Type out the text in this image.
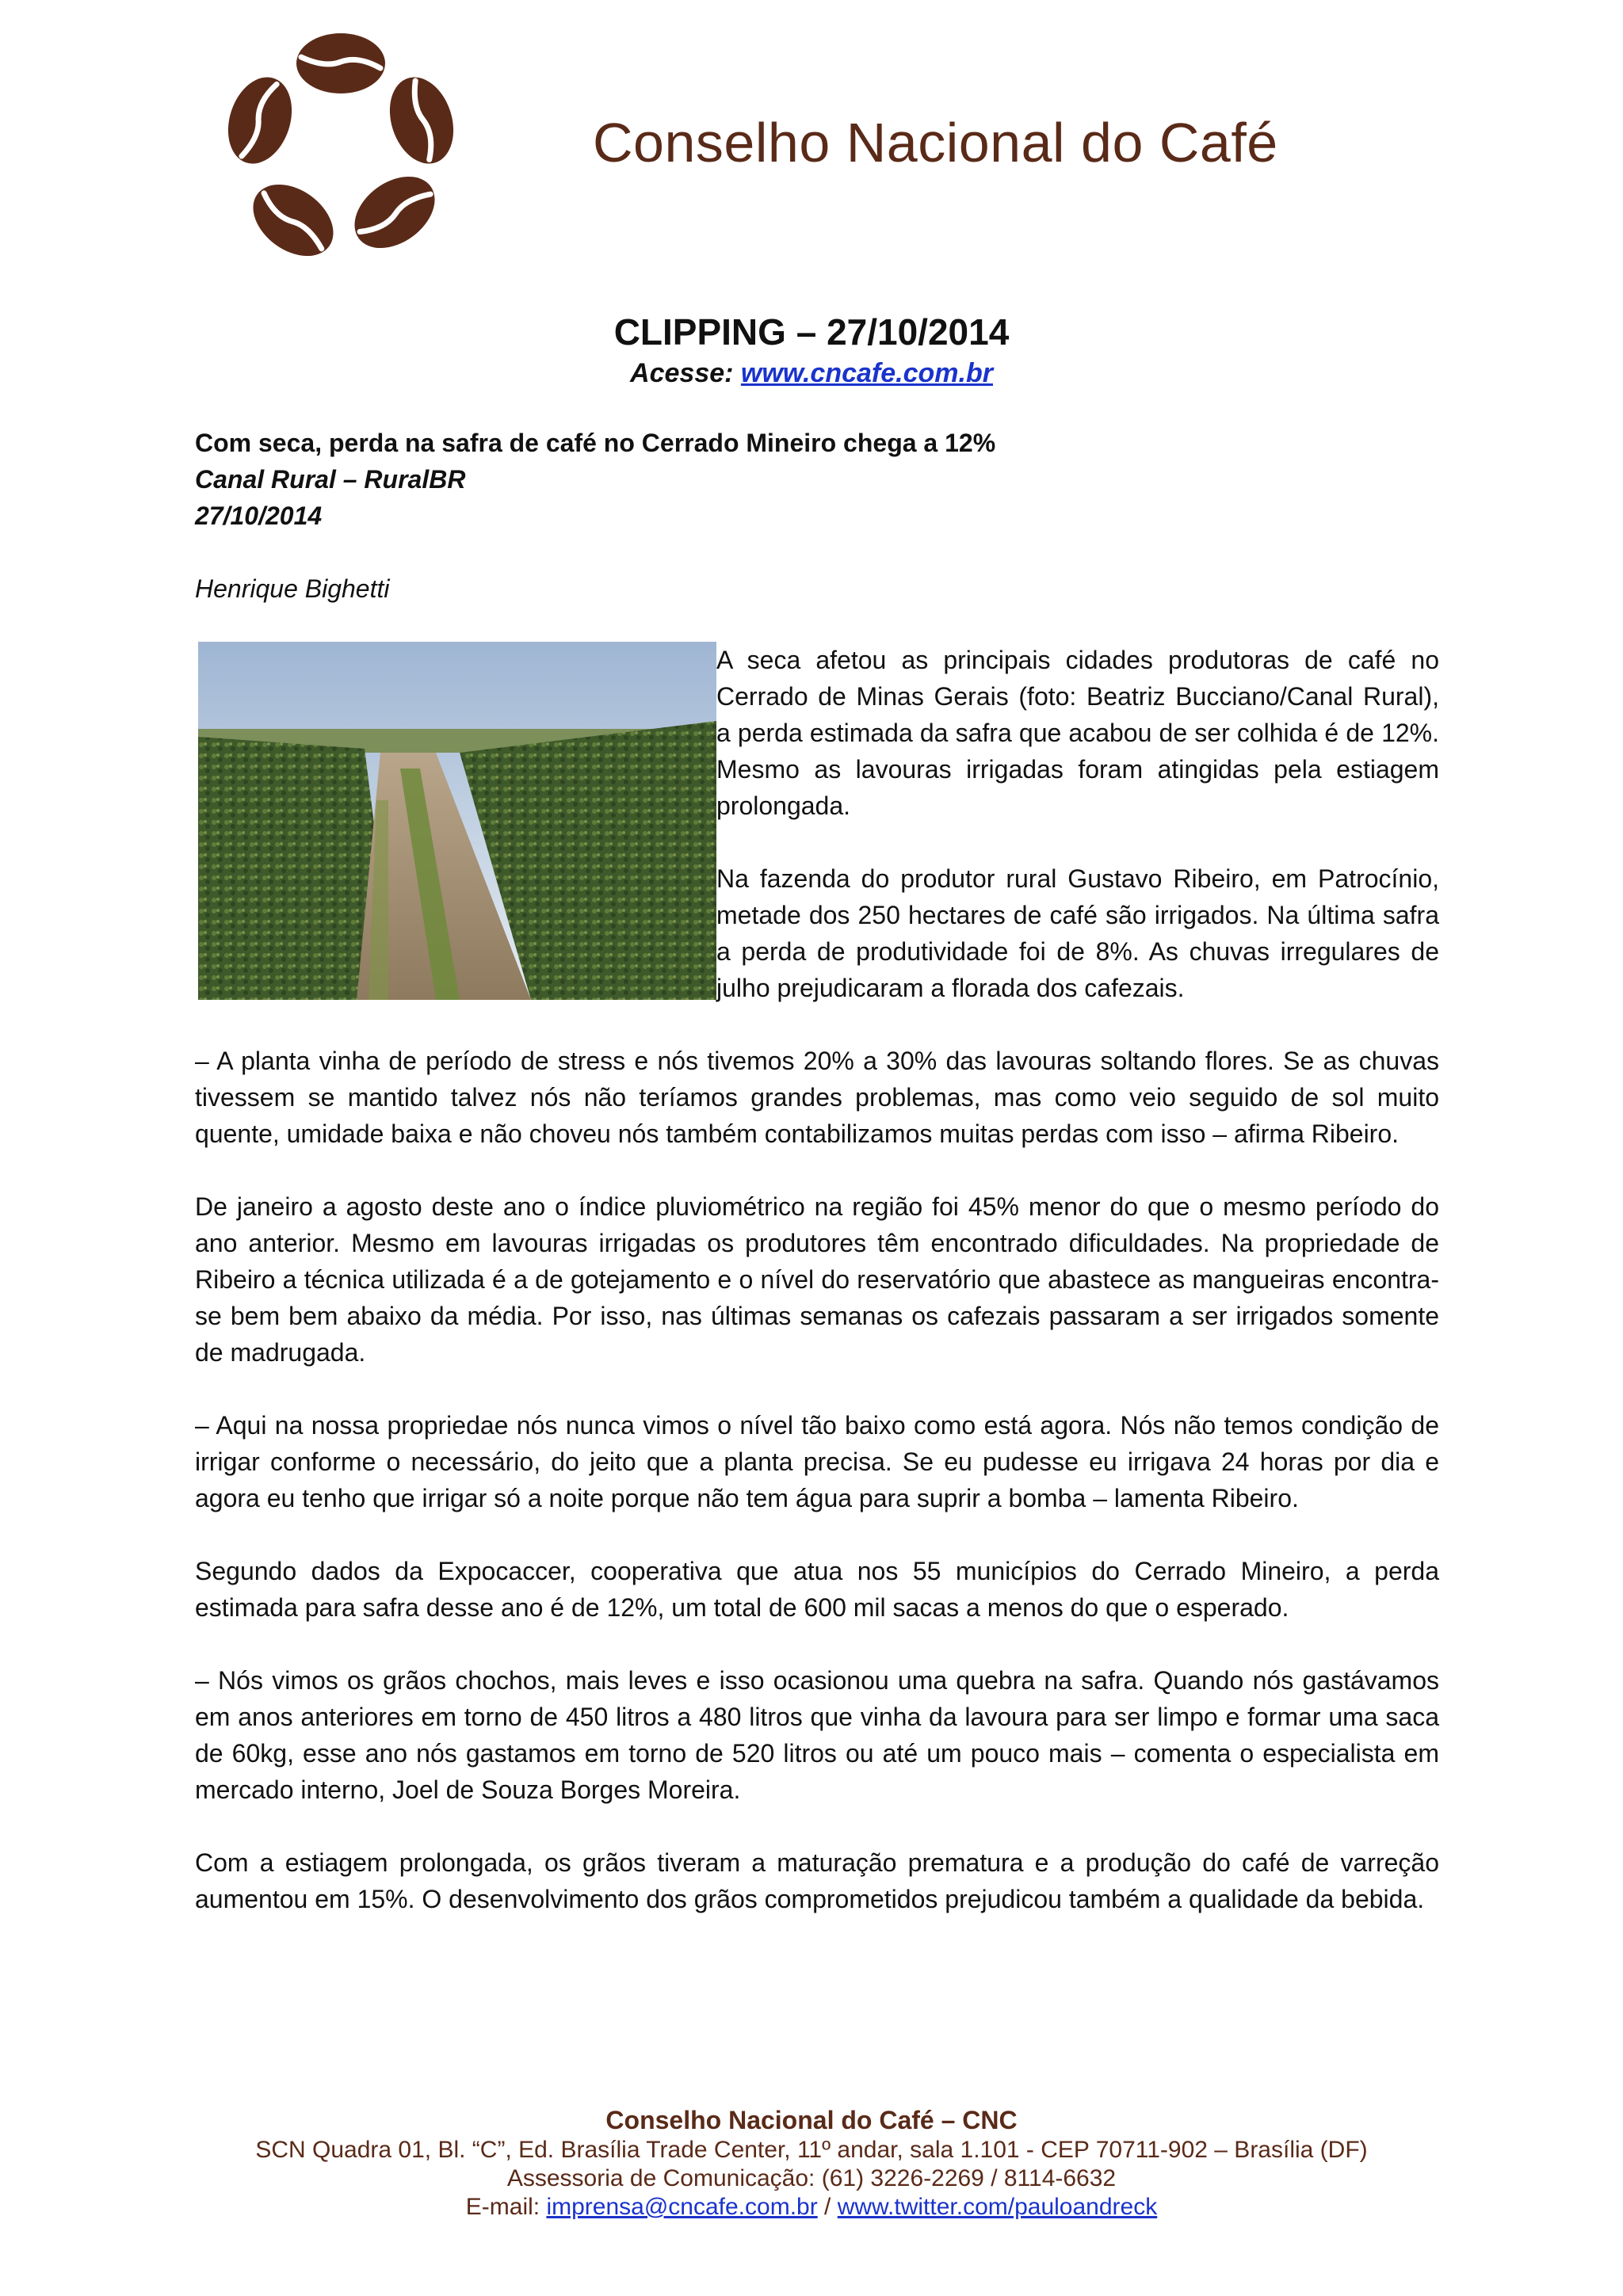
Conselho Nacional do Café
CLIPPING – 27/10/2014
Acesse: www.cncafe.com.br
Com seca, perda na safra de café no Cerrado Mineiro chega a 12%
Canal Rural – RuralBR
27/10/2014
Henrique Bighetti

A seca afetou as principais cidades produtoras de café no Cerrado de Minas Gerais (foto: Beatriz Bucciano/Canal Rural), a perda estimada da safra que acabou de ser colhida é de 12%. Mesmo as lavouras irrigadas foram atingidas pela estiagem prolongada.

Na fazenda do produtor rural Gustavo Ribeiro, em Patrocínio, metade dos 250 hectares de café são irrigados. Na última safra a perda de produtividade foi de 8%. As chuvas irregulares de julho prejudicaram a florada dos cafezais.

– A planta vinha de período de stress e nós tivemos 20% a 30% das lavouras soltando flores. Se as chuvas tivessem se mantido talvez nós não teríamos grandes problemas, mas como veio seguido de sol muito quente, umidade baixa e não choveu nós também contabilizamos muitas perdas com isso – afirma Ribeiro.

De janeiro a agosto deste ano o índice pluviométrico na região foi 45% menor do que o mesmo período do ano anterior. Mesmo em lavouras irrigadas os produtores têm encontrado dificuldades. Na propriedade de Ribeiro a técnica utilizada é a de gotejamento e o nível do reservatório que abastece as mangueiras encontra-se bem bem abaixo da média. Por isso, nas últimas semanas os cafezais passaram a ser irrigados somente de madrugada.

– Aqui na nossa propriedae nós nunca vimos o nível tão baixo como está agora. Nós não temos condição de irrigar conforme o necessário, do jeito que a planta precisa. Se eu pudesse eu irrigava 24 horas por dia e agora eu tenho que irrigar só a noite porque não tem água para suprir a bomba – lamenta Ribeiro.

Segundo dados da Expocaccer, cooperativa que atua nos 55 municípios do Cerrado Mineiro, a perda estimada para safra desse ano é de 12%, um total de 600 mil sacas a menos do que o esperado.

– Nós vimos os grãos chochos, mais leves e isso ocasionou uma quebra na safra. Quando nós gastávamos em anos anteriores em torno de 450 litros a 480 litros que vinha da lavoura para ser limpo e formar uma saca de 60kg, esse ano nós gastamos em torno de 520 litros ou até um pouco mais – comenta o especialista em mercado interno, Joel de Souza Borges Moreira.

Com a estiagem prolongada, os grãos tiveram a maturação prematura e a produção do café de varreção aumentou em 15%. O desenvolvimento dos grãos comprometidos prejudicou também a qualidade da bebida.

Conselho Nacional do Café – CNC
SCN Quadra 01, Bl. “C”, Ed. Brasília Trade Center, 11º andar, sala 1.101 - CEP 70711-902 – Brasília (DF)
Assessoria de Comunicação: (61) 3226-2269 / 8114-6632
E-mail: imprensa@cncafe.com.br / www.twitter.com/pauloandreck
